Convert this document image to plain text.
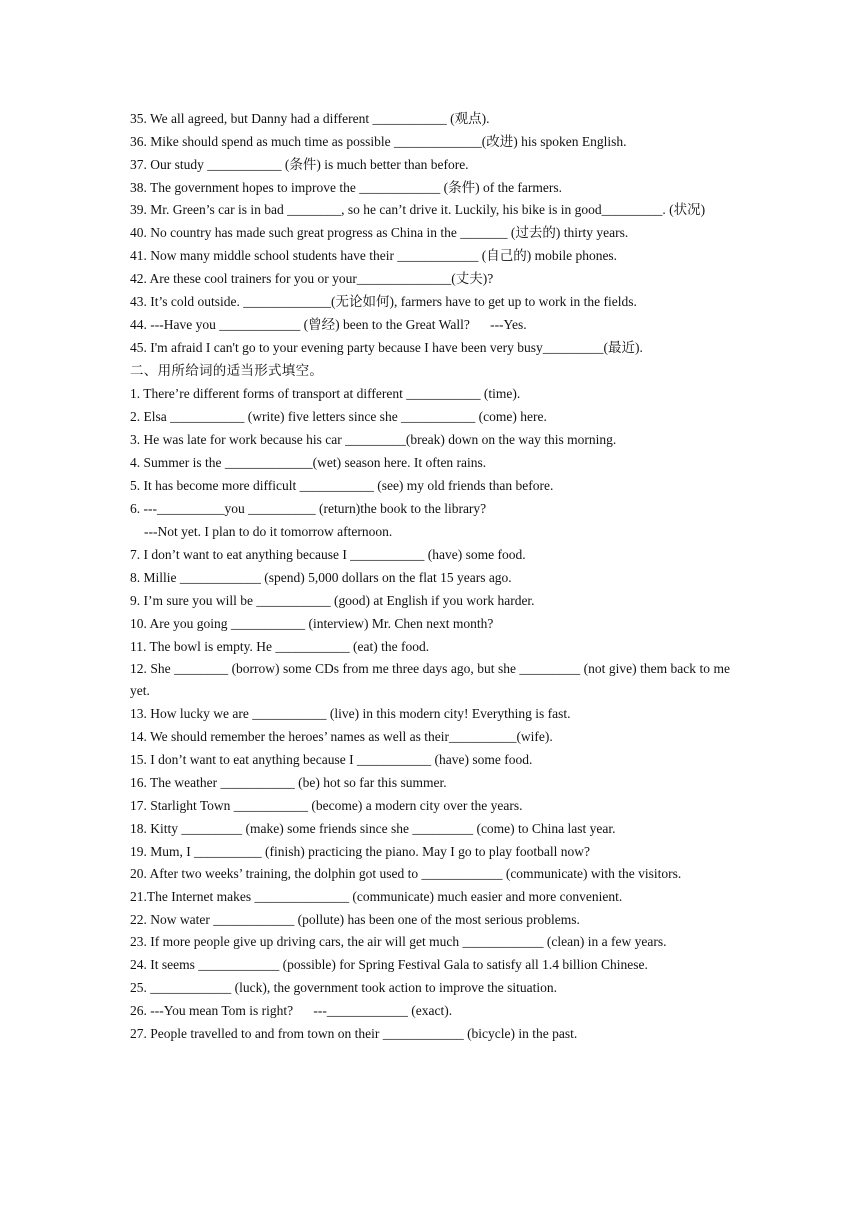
35. We all agreed, but Danny had a different ___________ (观点).
36. Mike should spend as much time as possible _____________(改进) his spoken English.
37. Our study ___________ (条件) is much better than before.
38. The government hopes to improve the ____________ (条件) of the farmers.
39. Mr. Green’s car is in bad ________, so he can’t drive it. Luckily, his bike is in good_________. (状况)
40. No country has made such great progress as China in the _______ (过去的) thirty years.
41. Now many middle school students have their ____________ (自己的) mobile phones.
42. Are these cool trainers for you or your______________(丈夫)?
43. It’s cold outside. _____________(无论如何), farmers have to get up to work in the fields.
44. ---Have you ____________ (曾经) been to the Great Wall?      ---Yes.
45. I'm afraid I can't go to your evening party because I have been very busy_________(最近).
二、用所给词的适当形式填空。
1. There’re different forms of transport at different ___________ (time).
2. Elsa ___________ (write) five letters since she ___________ (come) here.
3. He was late for work because his car _________(break) down on the way this morning.
4. Summer is the _____________(wet) season here. It often rains.
5. It has become more difficult ___________ (see) my old friends than before.
6. ---__________you __________ (return)the book to the library?
---Not yet. I plan to do it tomorrow afternoon.
7. I don’t want to eat anything because I ___________ (have) some food.
8. Millie ____________ (spend) 5,000 dollars on the flat 15 years ago.
9. I’m sure you will be ___________ (good) at English if you work harder.
10. Are you going ___________ (interview) Mr. Chen next month?
11. The bowl is empty. He ___________ (eat) the food.
12. She ________ (borrow) some CDs from me three days ago, but she _________ (not give) them back to me yet.
13. How lucky we are ___________ (live) in this modern city! Everything is fast.
14. We should remember the heroes’ names as well as their__________(wife).
15. I don’t want to eat anything because I ___________ (have) some food.
16. The weather ___________ (be) hot so far this summer.
17. Starlight Town ___________ (become) a modern city over the years.
18. Kitty _________ (make) some friends since she _________ (come) to China last year.
19. Mum, I __________ (finish) practicing the piano. May I go to play football now?
20. After two weeks’ training, the dolphin got used to ____________ (communicate) with the visitors.
21.The Internet makes ______________ (communicate) much easier and more convenient.
22. Now water ____________ (pollute) has been one of the most serious problems.
23. If more people give up driving cars, the air will get much ____________ (clean) in a few years.
24. It seems ____________ (possible) for Spring Festival Gala to satisfy all 1.4 billion Chinese.
25. ____________ (luck), the government took action to improve the situation.
26. ---You mean Tom is right?      ---____________ (exact).
27. People travelled to and from town on their ____________ (bicycle) in the past.
